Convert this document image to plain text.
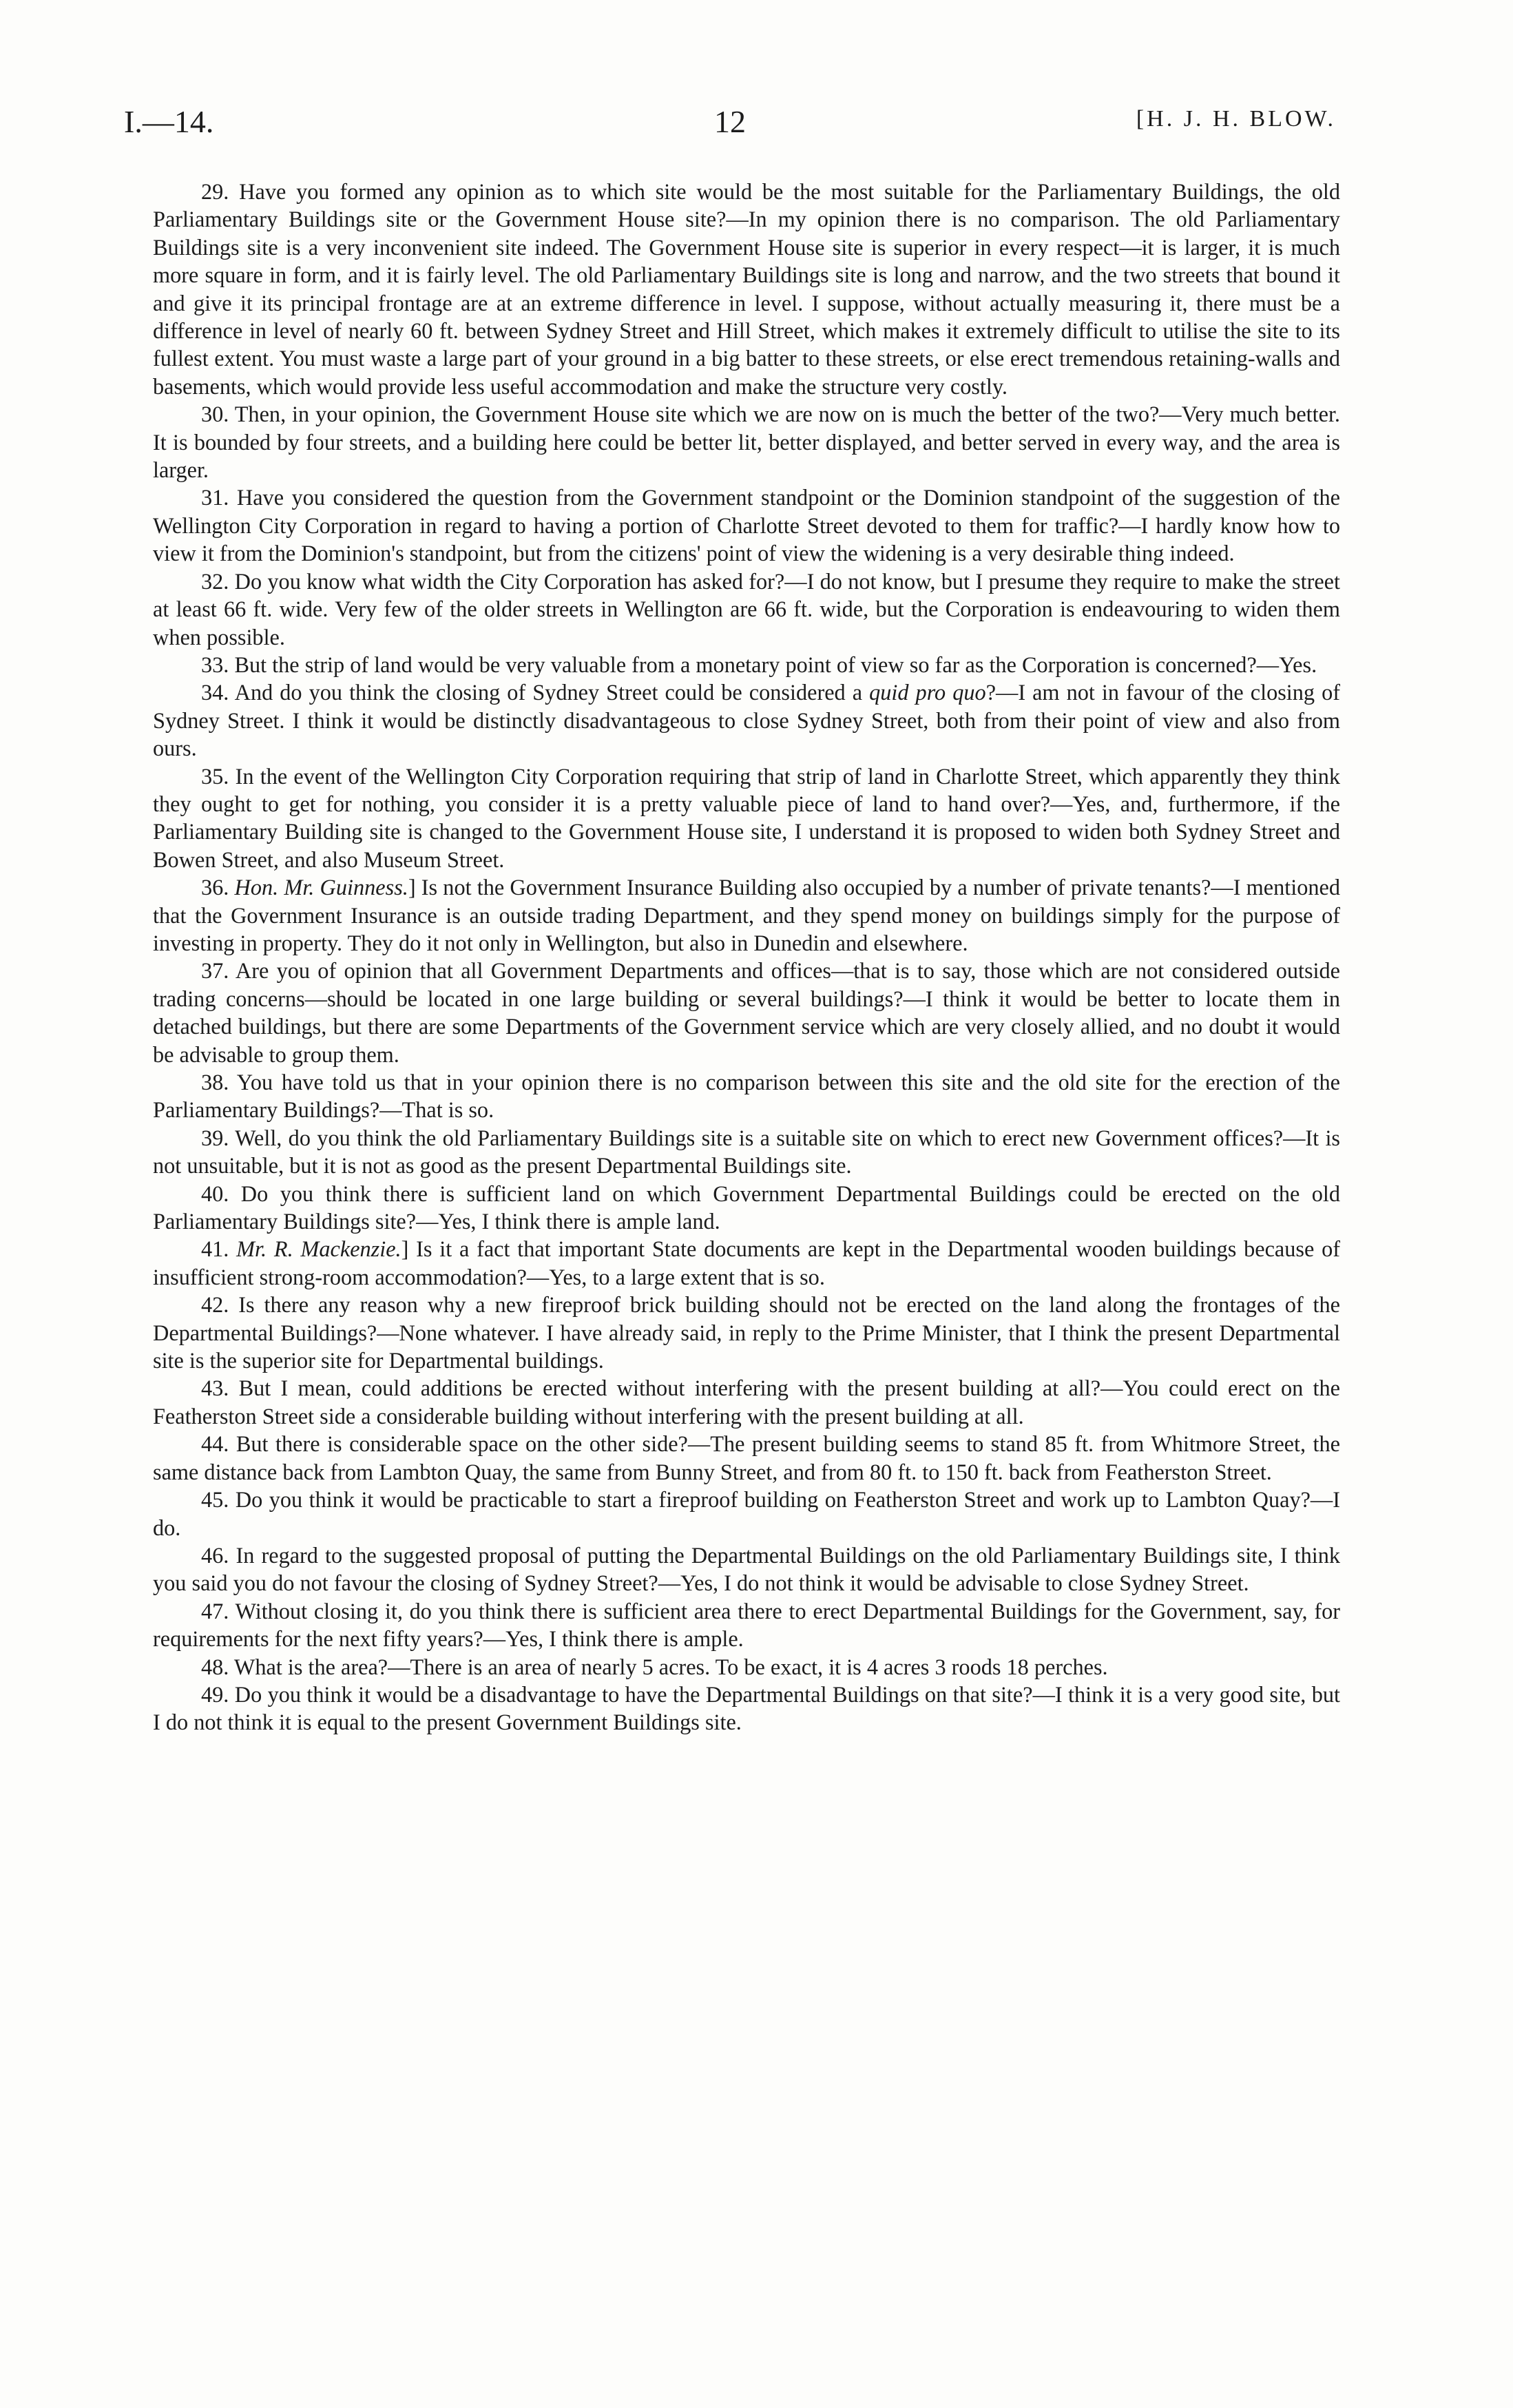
I.—14.	12	[H. J. H. BLOW.

29. Have you formed any opinion as to which site would be the most suitable for the Parliamentary Buildings, the old Parliamentary Buildings site or the Government House site?—In my opinion there is no comparison. The old Parliamentary Buildings site is a very inconvenient site indeed. The Government House site is superior in every respect—it is larger, it is much more square in form, and it is fairly level. The old Parliamentary Buildings site is long and narrow, and the two streets that bound it and give it its principal frontage are at an extreme difference in level. I suppose, without actually measuring it, there must be a difference in level of nearly 60 ft. between Sydney Street and Hill Street, which makes it extremely difficult to utilise the site to its fullest extent. You must waste a large part of your ground in a big batter to these streets, or else erect tremendous retaining-walls and basements, which would provide less useful accommodation and make the structure very costly.

30. Then, in your opinion, the Government House site which we are now on is much the better of the two?—Very much better. It is bounded by four streets, and a building here could be better lit, better displayed, and better served in every way, and the area is larger.

31. Have you considered the question from the Government standpoint or the Dominion standpoint of the suggestion of the Wellington City Corporation in regard to having a portion of Charlotte Street devoted to them for traffic?—I hardly know how to view it from the Dominion's standpoint, but from the citizens' point of view the widening is a very desirable thing indeed.

32. Do you know what width the City Corporation has asked for?—I do not know, but I presume they require to make the street at least 66 ft. wide. Very few of the older streets in Wellington are 66 ft. wide, but the Corporation is endeavouring to widen them when possible.

33. But the strip of land would be very valuable from a monetary point of view so far as the Corporation is concerned?—Yes.

34. And do you think the closing of Sydney Street could be considered a quid pro quo?—I am not in favour of the closing of Sydney Street. I think it would be distinctly disadvantageous to close Sydney Street, both from their point of view and also from ours.

35. In the event of the Wellington City Corporation requiring that strip of land in Charlotte Street, which apparently they think they ought to get for nothing, you consider it is a pretty valuable piece of land to hand over?—Yes, and, furthermore, if the Parliamentary Building site is changed to the Government House site, I understand it is proposed to widen both Sydney Street and Bowen Street, and also Museum Street.

36. Hon. Mr. Guinness.] Is not the Government Insurance Building also occupied by a number of private tenants?—I mentioned that the Government Insurance is an outside trading Department, and they spend money on buildings simply for the purpose of investing in property. They do it not only in Wellington, but also in Dunedin and elsewhere.

37. Are you of opinion that all Government Departments and offices—that is to say, those which are not considered outside trading concerns—should be located in one large building or several buildings?—I think it would be better to locate them in detached buildings, but there are some Departments of the Government service which are very closely allied, and no doubt it would be advisable to group them.

38. You have told us that in your opinion there is no comparison between this site and the old site for the erection of the Parliamentary Buildings?—That is so.

39. Well, do you think the old Parliamentary Buildings site is a suitable site on which to erect new Government offices?—It is not unsuitable, but it is not as good as the present Departmental Buildings site.

40. Do you think there is sufficient land on which Government Departmental Buildings could be erected on the old Parliamentary Buildings site?—Yes, I think there is ample land.

41. Mr. R. Mackenzie.] Is it a fact that important State documents are kept in the Departmental wooden buildings because of insufficient strong-room accommodation?—Yes, to a large extent that is so.

42. Is there any reason why a new fireproof brick building should not be erected on the land along the frontages of the Departmental Buildings?—None whatever. I have already said, in reply to the Prime Minister, that I think the present Departmental site is the superior site for Departmental buildings.

43. But I mean, could additions be erected without interfering with the present building at all?—You could erect on the Featherston Street side a considerable building without interfering with the present building at all.

44. But there is considerable space on the other side?—The present building seems to stand 85 ft. from Whitmore Street, the same distance back from Lambton Quay, the same from Bunny Street, and from 80 ft. to 150 ft. back from Featherston Street.

45. Do you think it would be practicable to start a fireproof building on Featherston Street and work up to Lambton Quay?—I do.

46. In regard to the suggested proposal of putting the Departmental Buildings on the old Parliamentary Buildings site, I think you said you do not favour the closing of Sydney Street?—Yes, I do not think it would be advisable to close Sydney Street.

47. Without closing it, do you think there is sufficient area there to erect Departmental Buildings for the Government, say, for requirements for the next fifty years?—Yes, I think there is ample.

48. What is the area?—There is an area of nearly 5 acres. To be exact, it is 4 acres 3 roods 18 perches.

49. Do you think it would be a disadvantage to have the Departmental Buildings on that site?—I think it is a very good site, but I do not think it is equal to the present Government Buildings site.
